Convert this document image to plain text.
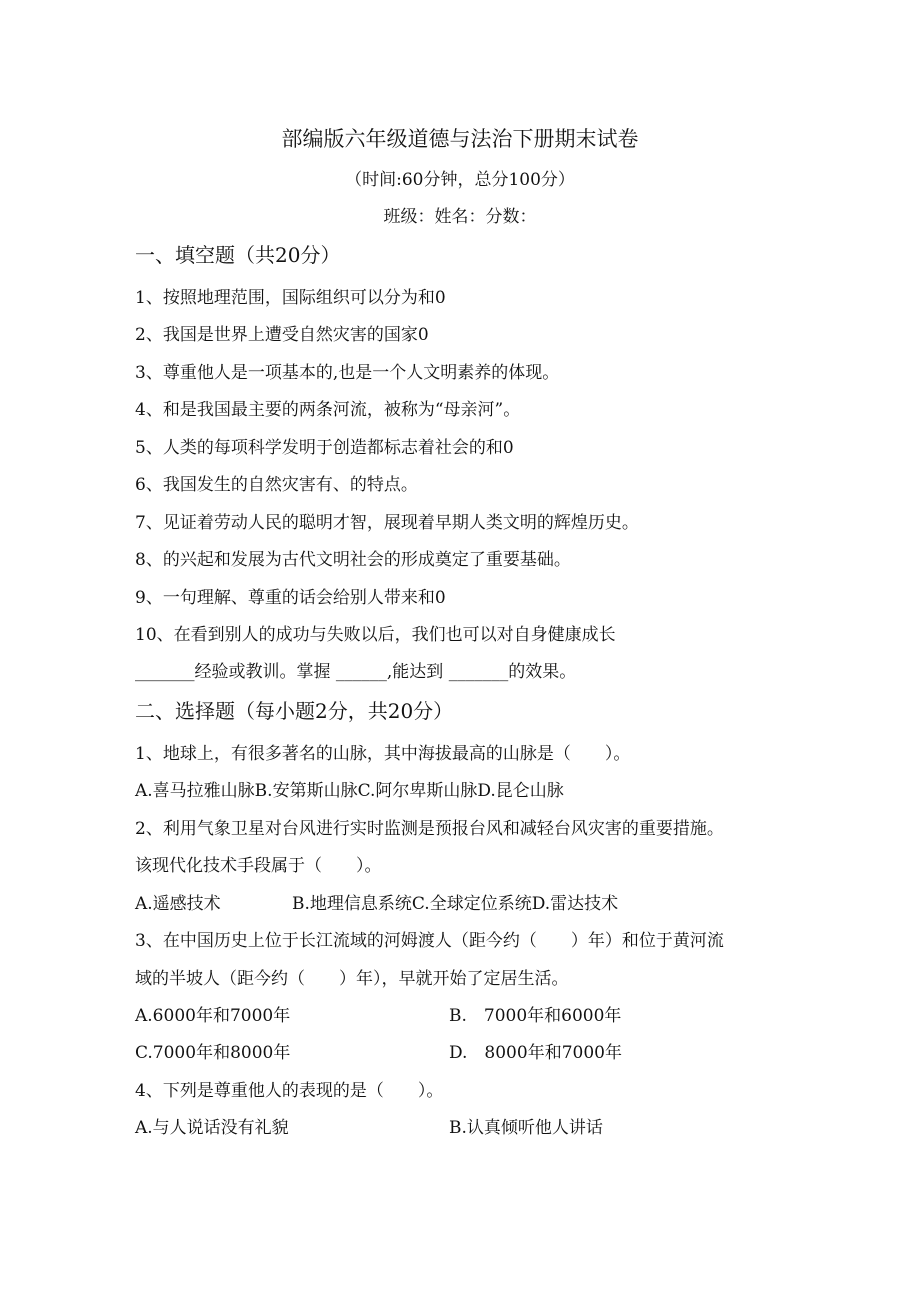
部编版六年级道德与法治下册期末试卷
（时间:60分钟，总分100分）
班级：姓名：分数：
一、填空题（共20分）
1、按照地理范围，国际组织可以分为和0
2、我国是世界上遭受自然灾害的国家0
3、尊重他人是一项基本的,也是一个人文明素养的体现。
4、和是我国最主要的两条河流，被称为“母亲河”。
5、人类的每项科学发明于创造都标志着社会的和0
6、我国发生的自然灾害有、的特点。
7、见证着劳动人民的聪明才智，展现着早期人类文明的辉煌历史。
8、的兴起和发展为古代文明社会的形成奠定了重要基础。
9、一句理解、尊重的话会给别人带来和0
10、在看到别人的成功与失败以后，我们也可以对自身健康成长
_______经验或教训。掌握 ______,能达到 _______的效果。
二、选择题（每小题2分，共20分）
1、地球上，有很多著名的山脉，其中海拔最高的山脉是（　　）。
A.喜马拉雅山脉B.安第斯山脉C.阿尔卑斯山脉D.昆仑山脉
2、利用气象卫星对台风进行实时监测是预报台风和减轻台风灾害的重要措施。
该现代化技术手段属于（　　）。
A.遥感技术	B.地理信息系统C.全球定位系统D.雷达技术
3、在中国历史上位于长江流域的河姆渡人（距今约（　　）年）和位于黄河流
域的半坡人（距今约（　　）年），早就开始了定居生活。
A.6000年和7000年	B.　7000年和6000年
C.7000年和8000年	D.　8000年和7000年
4、下列是尊重他人的表现的是（　　）。
A.与人说话没有礼貌	B.认真倾听他人讲话
